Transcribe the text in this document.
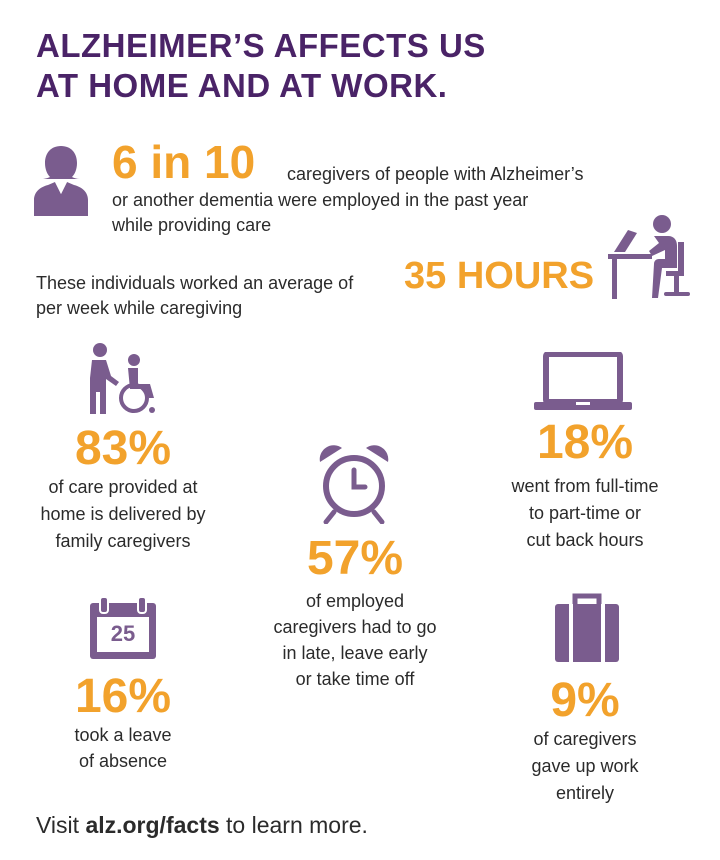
ALZHEIMER’S AFFECTS US
AT HOME AND AT WORK.
6 in 10 caregivers of people with Alzheimer’s
or another dementia were employed in the past year
while providing care
These individuals worked an average of 35 HOURS
per week while caregiving
83%
of care provided at
home is delivered by
family caregivers
18%
went from full-time
to part-time or
cut back hours
57%
of employed
caregivers had to go
in late, leave early
or take time off
25
16%
took a leave
of absence
9%
of caregivers
gave up work
entirely
Visit alz.org/facts to learn more.
